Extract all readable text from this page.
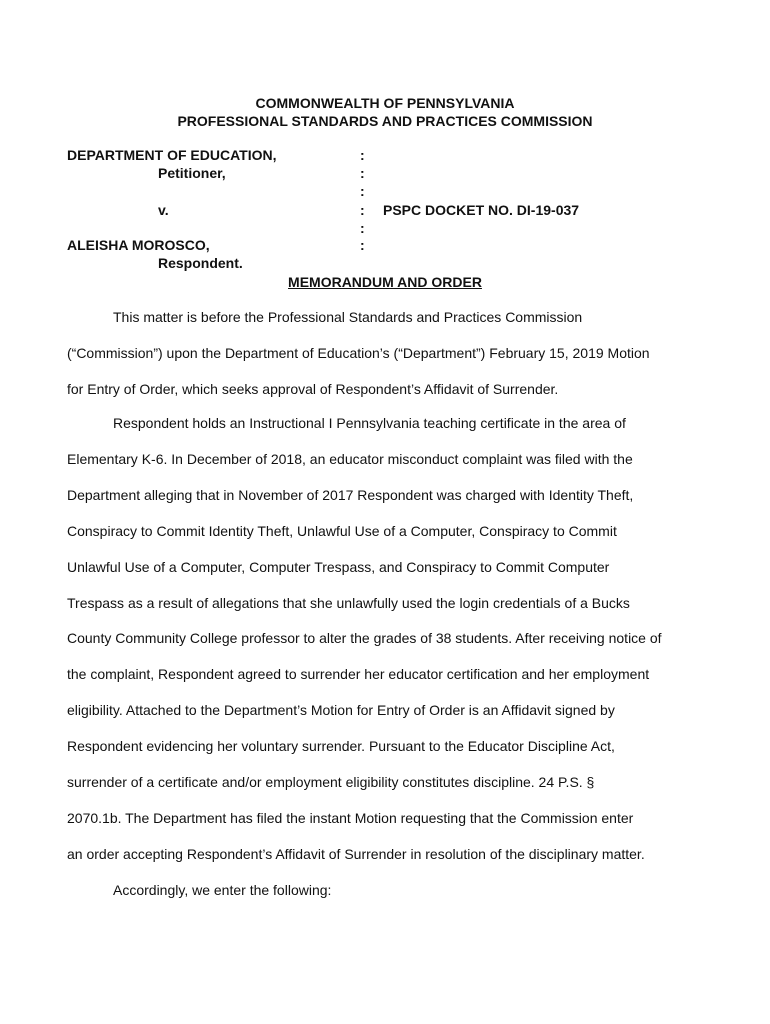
COMMONWEALTH OF PENNSYLVANIA
PROFESSIONAL STANDARDS AND PRACTICES COMMISSION
DEPARTMENT OF EDUCATION,
Petitioner,
v.
ALEISHA MOROSCO,
Respondent.
:
:
:
:
:
:
PSPC DOCKET NO. DI-19-037
MEMORANDUM AND ORDER
This matter is before the Professional Standards and Practices Commission
(“Commission”) upon the Department of Education’s (“Department”) February 15, 2019 Motion
for Entry of Order, which seeks approval of Respondent’s Affidavit of Surrender.
Respondent holds an Instructional I Pennsylvania teaching certificate in the area of
Elementary K-6. In December of 2018, an educator misconduct complaint was filed with the
Department alleging that in November of 2017 Respondent was charged with Identity Theft,
Conspiracy to Commit Identity Theft, Unlawful Use of a Computer, Conspiracy to Commit
Unlawful Use of a Computer, Computer Trespass, and Conspiracy to Commit Computer
Trespass as a result of allegations that she unlawfully used the login credentials of a Bucks
County Community College professor to alter the grades of 38 students. After receiving notice of
the complaint, Respondent agreed to surrender her educator certification and her employment
eligibility. Attached to the Department’s Motion for Entry of Order is an Affidavit signed by
Respondent evidencing her voluntary surrender. Pursuant to the Educator Discipline Act,
surrender of a certificate and/or employment eligibility constitutes discipline. 24 P.S. §
2070.1b. The Department has filed the instant Motion requesting that the Commission enter
an order accepting Respondent’s Affidavit of Surrender in resolution of the disciplinary matter.
Accordingly, we enter the following:
